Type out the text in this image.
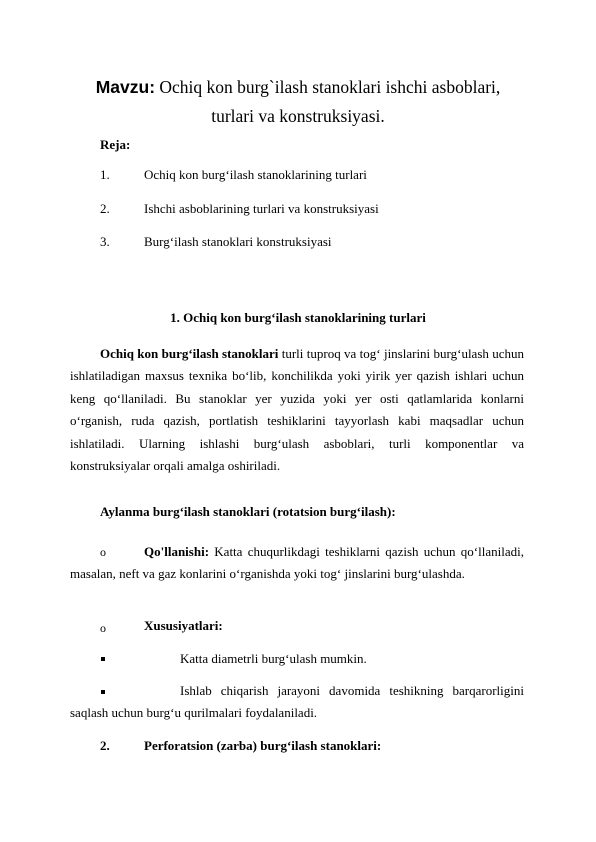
Mavzu: Ochiq kon burg`ilash stanoklari ishchi asboblari,
turlari va konstruksiyasi.
Reja:
1.	Ochiq kon burg‘ilash stanoklarining turlari
2.	Ishchi asboblarining turlari va konstruksiyasi
3.	Burg‘ilash stanoklari konstruksiyasi
1. Ochiq kon burg‘ilash stanoklarining turlari
Ochiq kon burg‘ilash stanoklari turli tuproq va tog‘ jinslarini burg‘ulash uchun ishlatiladigan maxsus texnika bo‘lib, konchilikda yoki yirik yer qazish ishlari uchun keng qo‘llaniladi. Bu stanoklar yer yuzida yoki yer osti qatlamlarida konlarni o‘rganish, ruda qazish, portlatish teshiklarini tayyorlash kabi maqsadlar uchun ishlatiladi. Ularning ishlashi burg‘ulash asboblari, turli komponentlar va konstruksiyalar orqali amalga oshiriladi.
Aylanma burg‘ilash stanoklari (rotatsion burg‘ilash):
o	Qo'llanishi: Katta chuqurlikdagi teshiklarni qazish uchun qo‘llaniladi, masalan, neft va gaz konlarini o‘rganishda yoki tog‘ jinslarini burg‘ulashda.
o	Xususiyatlari:
Katta diametrli burg‘ulash mumkin.
Ishlab chiqarish jarayoni davomida teshikning barqarorligini saqlash uchun burg‘u qurilmalari foydalaniladi.
2.	Perforatsion (zarba) burg‘ilash stanoklari:
